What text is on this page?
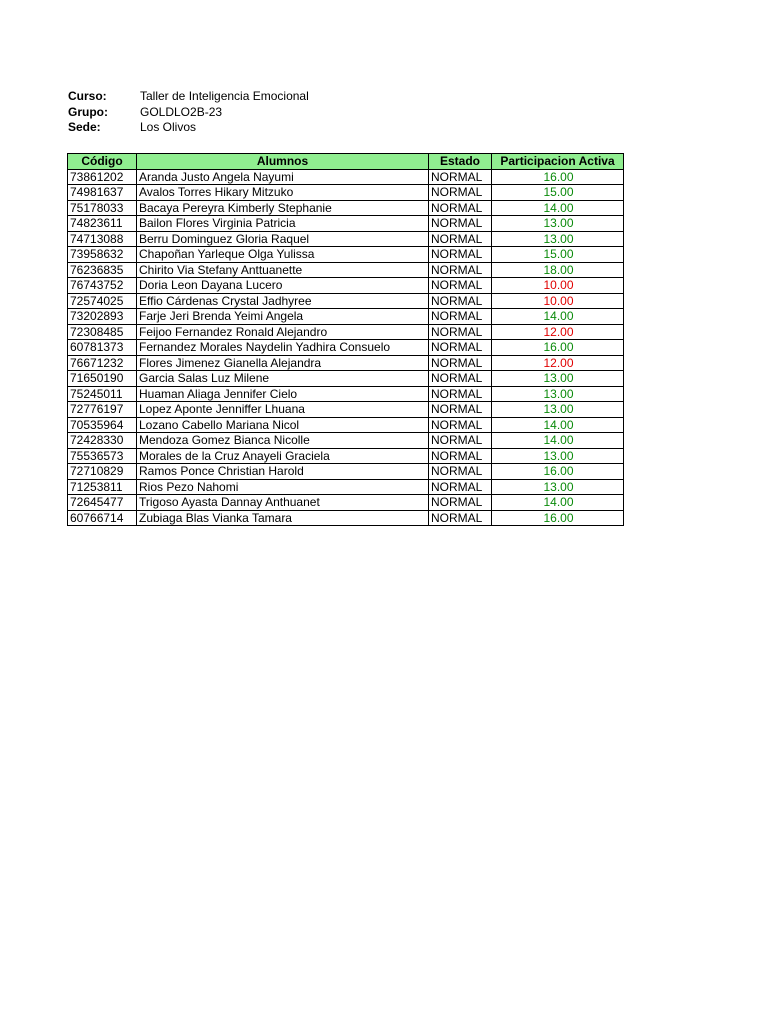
Curso:	Taller de Inteligencia Emocional
Grupo:	GOLDLO2B-23
Sede:	Los Olivos
Código	Alumnos	Estado	Participacion Activa
73861202	Aranda Justo Angela Nayumi	NORMAL	16.00
74981637	Avalos Torres Hikary Mitzuko	NORMAL	15.00
75178033	Bacaya Pereyra Kimberly Stephanie	NORMAL	14.00
74823611	Bailon Flores Virginia Patricia	NORMAL	13.00
74713088	Berru Dominguez Gloria Raquel	NORMAL	13.00
73958632	Chapoñan Yarleque Olga Yulissa	NORMAL	15.00
76236835	Chirito Via Stefany Anttuanette	NORMAL	18.00
76743752	Doria Leon Dayana Lucero	NORMAL	10.00
72574025	Effio Cárdenas Crystal Jadhyree	NORMAL	10.00
73202893	Farje Jeri Brenda Yeimi Angela	NORMAL	14.00
72308485	Feijoo Fernandez Ronald Alejandro	NORMAL	12.00
60781373	Fernandez Morales Naydelin Yadhira Consuelo	NORMAL	16.00
76671232	Flores Jimenez Gianella Alejandra	NORMAL	12.00
71650190	Garcia Salas Luz Milene	NORMAL	13.00
75245011	Huaman Aliaga Jennifer Cielo	NORMAL	13.00
72776197	Lopez Aponte Jenniffer Lhuana	NORMAL	13.00
70535964	Lozano Cabello Mariana Nicol	NORMAL	14.00
72428330	Mendoza Gomez Bianca Nicolle	NORMAL	14.00
75536573	Morales de la Cruz Anayeli Graciela	NORMAL	13.00
72710829	Ramos Ponce Christian Harold	NORMAL	16.00
71253811	Rios Pezo Nahomi	NORMAL	13.00
72645477	Trigoso Ayasta Dannay Anthuanet	NORMAL	14.00
60766714	Zubiaga Blas Vianka Tamara	NORMAL	16.00
